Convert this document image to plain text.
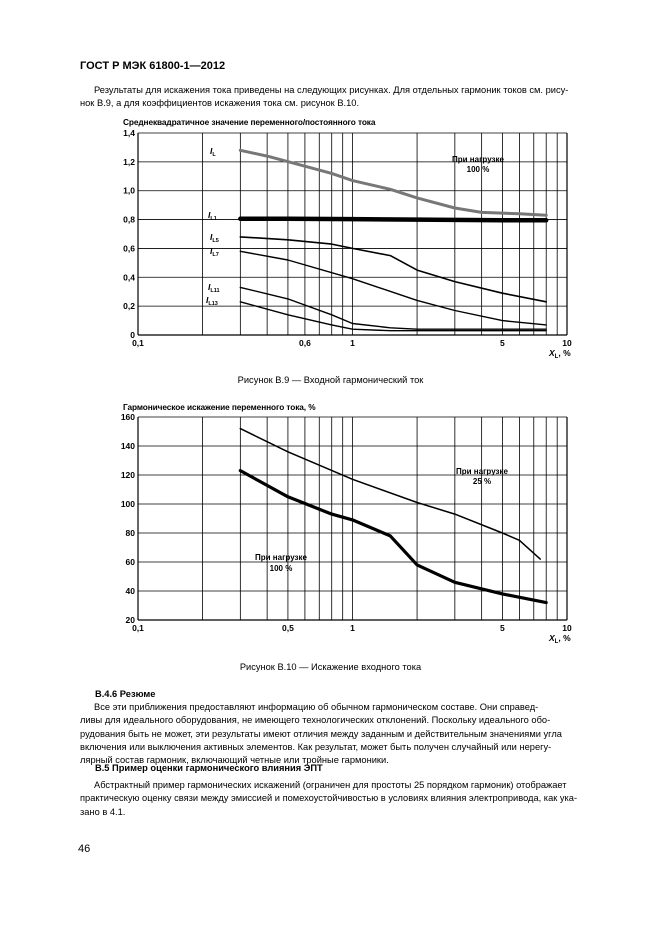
ГОСТ Р МЭК 61800-1—2012

Результаты для искажения тока приведены на следующих рисунках. Для отдельных гармоник токов см. рису-

нок В.9, а для коэффициентов искажения тока см. рисунок В.10.

Среднеквадратичное значение переменного/постоянного тока
0
0,2
0,4
0,6
0,8
1,0
1,2
1,4
0,1	0,6	1	5	10
$X_L$, %
$I_L$
$I_{L1}$
$I_{L5}$
$I_{L7}$
$I_{L11}$
$I_{L13}$
При нагрузке
100 %
Рисунок В.9 — Входной гармонический ток
Гармоническое искажение переменного тока, %
20
40
60
80
100
120
140
160
0,1	0,5	1	5	10
$X_L$, %
При нагрузке
25 %
При нагрузке
100 %
Рисунок В.10 — Искажение входного тока
В.4.6 Резюме

Все эти приближения предоставляют информацию об обычном гармоническом составе. Они справед-

ливы для идеального оборудования, не имеющего технологических отклонений. Поскольку идеального обо-

рудования быть не может, эти результаты имеют отличия между заданным и действительным значениями угла

включения или выключения активных элементов. Как результат, может быть получен случайный или нерегу-

лярный состав гармоник, включающий четные или тройные гармоники.

В.5 Пример оценки гармонического влияния ЭПТ

Абстрактный пример гармонических искажений (ограничен для простоты 25 порядком гармоник) отображает

практическую оценку связи между эмиссией и помехоустойчивостью в условиях влияния электропривода, как ука-

зано в 4.1.

46
